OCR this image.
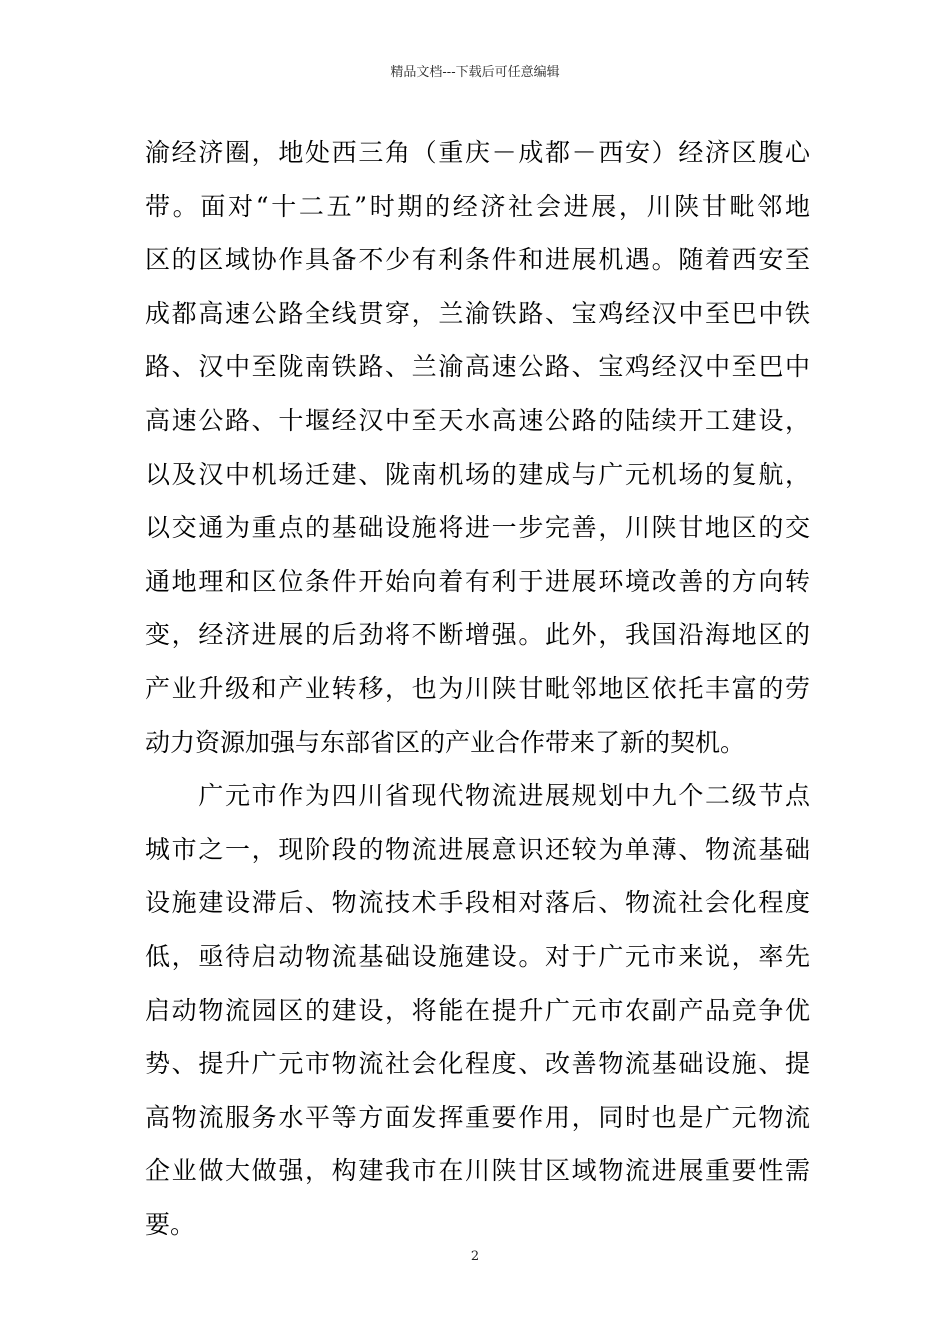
精品文档---下载后可任意编辑
渝经济圈，地处西三角（重庆－成都－西安）经济区腹心
带。面对“十二五”时期的经济社会进展，川陕甘毗邻地
区的区域协作具备不少有利条件和进展机遇。随着西安至
成都高速公路全线贯穿，兰渝铁路、宝鸡经汉中至巴中铁
路、汉中至陇南铁路、兰渝高速公路、宝鸡经汉中至巴中
高速公路、十堰经汉中至天水高速公路的陆续开工建设，
以及汉中机场迁建、陇南机场的建成与广元机场的复航，
以交通为重点的基础设施将进一步完善，川陕甘地区的交
通地理和区位条件开始向着有利于进展环境改善的方向转
变，经济进展的后劲将不断增强。此外，我国沿海地区的
产业升级和产业转移，也为川陕甘毗邻地区依托丰富的劳
动力资源加强与东部省区的产业合作带来了新的契机。
　　广元市作为四川省现代物流进展规划中九个二级节点
城市之一，现阶段的物流进展意识还较为单薄、物流基础
设施建设滞后、物流技术手段相对落后、物流社会化程度
低，亟待启动物流基础设施建设。对于广元市来说，率先
启动物流园区的建设，将能在提升广元市农副产品竞争优
势、提升广元市物流社会化程度、改善物流基础设施、提
高物流服务水平等方面发挥重要作用，同时也是广元物流
企业做大做强，构建我市在川陕甘区域物流进展重要性需
要。
2
